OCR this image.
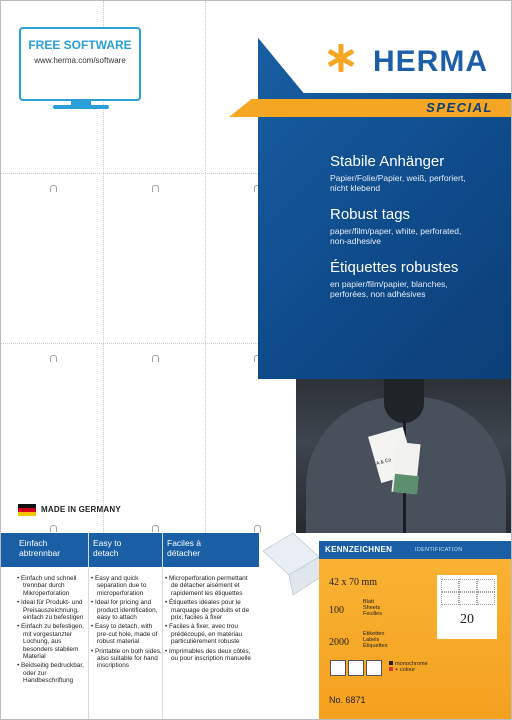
FREE SOFTWARE
www.herma.com/software
MADE IN GERMANY
HERMA
SPECIAL
Stabile Anhänger
Papier/Folie/Papier, weiß, perforiert,
nicht klebend
Robust tags
paper/film/paper, white, perforated,
non-adhesive
Étiquettes robustes
en papier/film/papier, blanches,
perforées, non adhésives
A & Co
Einfach
abtrennbar
Easy to
detach
Faciles à
détacher
• Einfach und schnell trennbar durch Mikroperforation
• Ideal für Produkt- und Preisauszeichnung, einfach zu befestigen
• Einfach zu befestigen, mit vorgestanzter Lochung, aus besonders stabilem Material
• Beidseitig bedruckbar, oder zur Handbeschriftung
• Easy and quick separation due to microperforation
• Ideal for pricing and product identification, easy to attach
• Easy to detach, with pre-cut hole, made of robust material
• Printable on both sides, also suitable for hand inscriptions
• Microperforation permettant de détacher aisément et rapidement les étiquettes
• Étiquettes idéales pour le marquage de produits et de prix, faciles à fixer
• Faciles à fixer, avec trou prédécoupé, en matériau particulièrement robuste
• Imprimables des deux côtés, ou pour inscription manuelle
KENNZEICHNEN	IDENTIFICATION
42 x 70 mm
100
Blatt
Sheets
Feuilles
2000
Etiketten
Labels
Étiquettes
20
monochrome
+ colour
No. 6871
